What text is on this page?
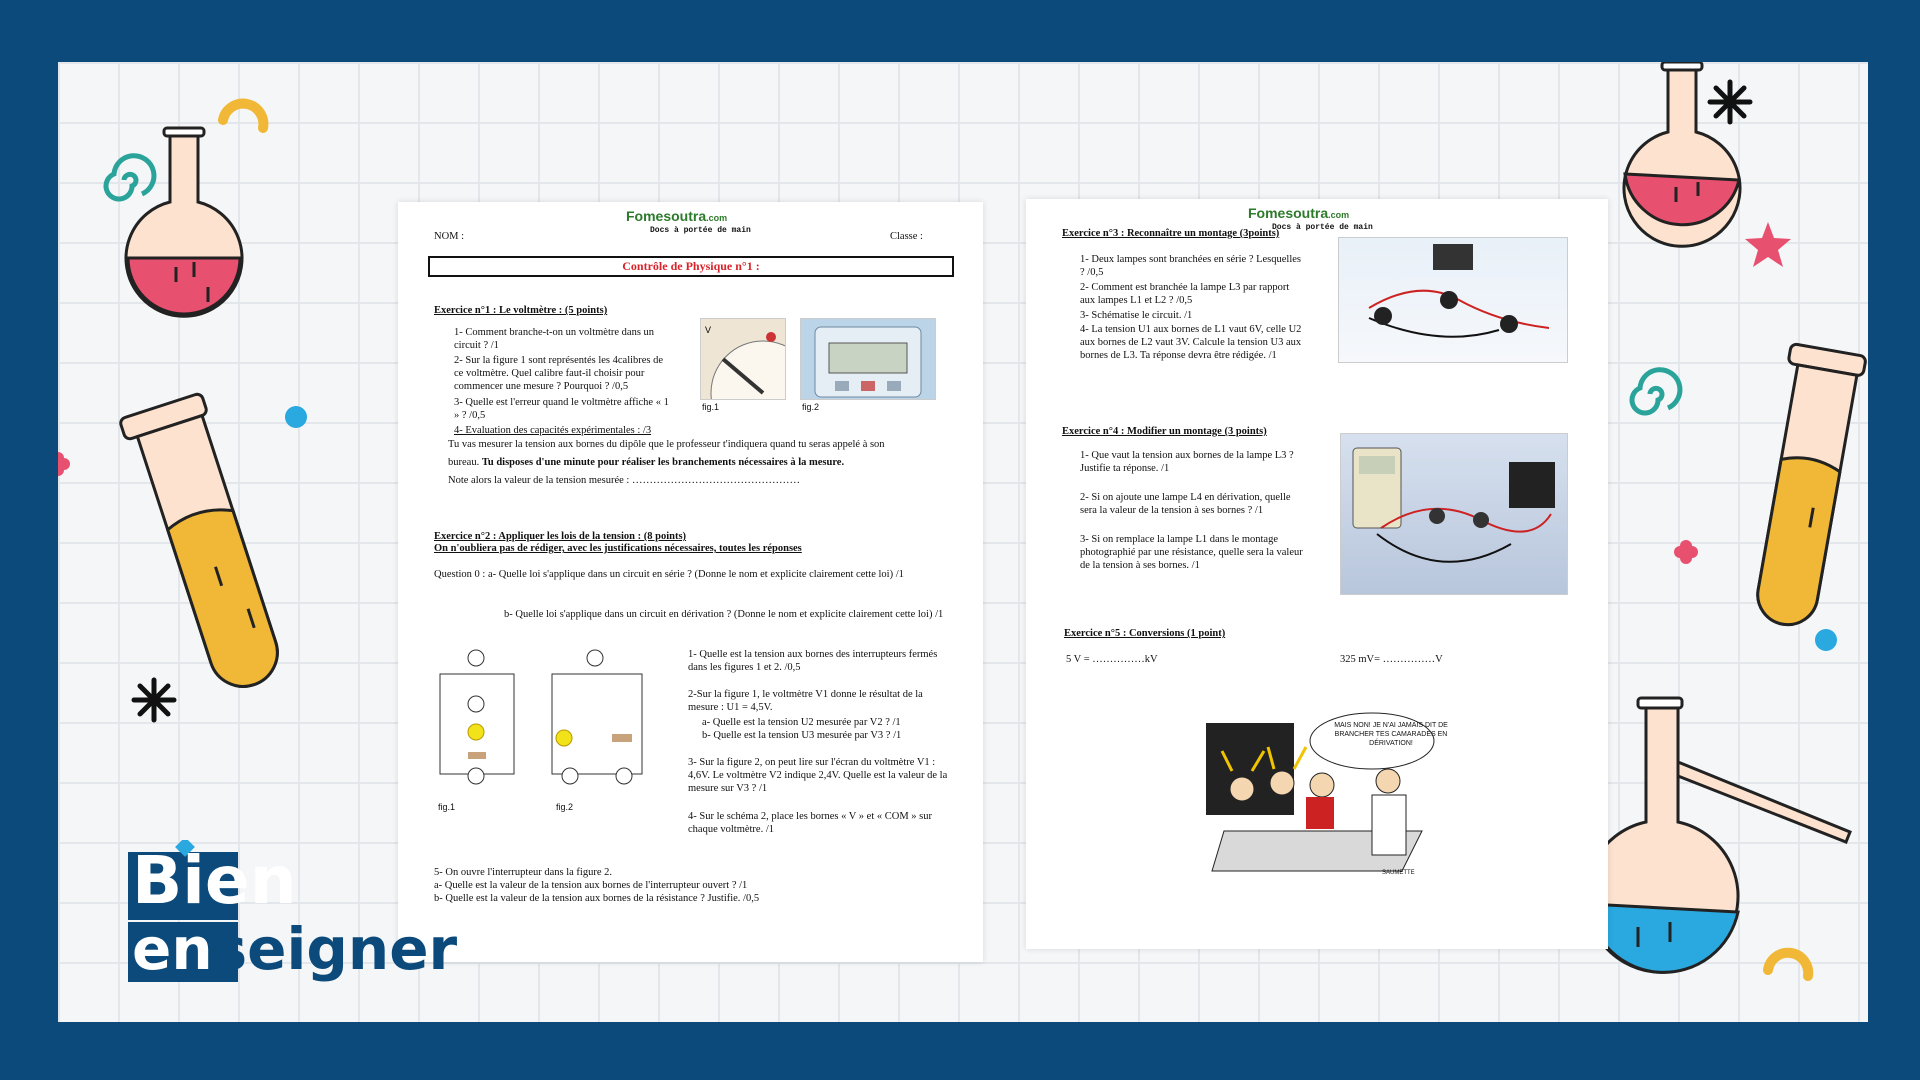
Fomesoutra.com
Docs à portée de main
NOM :	Classe :
Contrôle de Physique n°1 :
Exercice n°1 : Le voltmètre : (5 points)
1- Comment branche-t-on un voltmètre dans un circuit ? /1
2- Sur la figure 1 sont représentés les 4calibres de ce voltmètre. Quel calibre faut-il choisir pour commencer une mesure ? Pourquoi ? /0,5
3- Quelle est l'erreur quand le voltmètre affiche « 1 » ? /0,5
4- Evaluation des capacités expérimentales : /3
Tu vas mesurer la tension aux bornes du dipôle que le professeur t'indiquera quand tu seras appelé à son
bureau. Tu disposes d'une minute pour réaliser les branchements nécessaires à la mesure.
Note alors la valeur de la tension mesurée : …………………………………………
V
fig.1	fig.2
Exercice n°2 : Appliquer les lois de la tension : (8 points)
On n'oubliera pas de rédiger, avec les justifications nécessaires, toutes les réponses
Question 0 : a- Quelle loi s'applique dans un circuit en série ? (Donne le nom et explicite clairement cette loi) /1
b- Quelle loi s'applique dans un circuit en dérivation ? (Donne le nom et explicite clairement cette loi) /1
fig.1	fig.2
1- Quelle est la tension aux bornes des interrupteurs fermés dans les figures 1 et 2. /0,5
2-Sur la figure 1, le voltmètre V1 donne le résultat de la mesure : U1 = 4,5V.
a- Quelle est la tension U2 mesurée par V2 ? /1
b- Quelle est la tension U3 mesurée par V3 ? /1
3- Sur la figure 2, on peut lire sur l'écran du voltmètre V1 : 4,6V. Le voltmètre V2 indique 2,4V. Quelle est la valeur de la mesure sur V3 ? /1
4- Sur le schéma 2, place les bornes « V » et « COM » sur chaque voltmètre. /1
5- On ouvre l'interrupteur dans la figure 2.
a- Quelle est la valeur de la tension aux bornes de l'interrupteur ouvert ? /1
b- Quelle est la valeur de la tension aux bornes de la résistance ? Justifie. /0,5
Fomesoutra.com
Docs à portée de main
Exercice n°3 : Reconnaître un montage (3points)
1- Deux lampes sont branchées en série ? Lesquelles ? /0,5
2- Comment est branchée la lampe L3 par rapport aux lampes L1 et L2 ? /0,5
3- Schématise le circuit. /1
4- La tension U1 aux bornes de L1 vaut 6V, celle U2 aux bornes de L2 vaut 3V. Calcule la tension U3 aux bornes de L3. Ta réponse devra être rédigée. /1
Exercice n°4 : Modifier un montage (3 points)
1- Que vaut la tension aux bornes de la lampe L3 ? Justifie ta réponse. /1
2- Si on ajoute une lampe L4 en dérivation, quelle sera la valeur de la tension à ses bornes ? /1
3- Si on remplace la lampe L1 dans le montage photographié par une résistance, quelle sera la valeur de la tension à ses bornes. /1
Exercice n°5 : Conversions (1 point)
5 V = ……………kV	325 mV= ……………V
MAIS NON! JE N'AI JAMAIS DIT DE BRANCHER TES CAMARADES EN DÉRIVATION!
SAUMETTE
Bien
enseigner
